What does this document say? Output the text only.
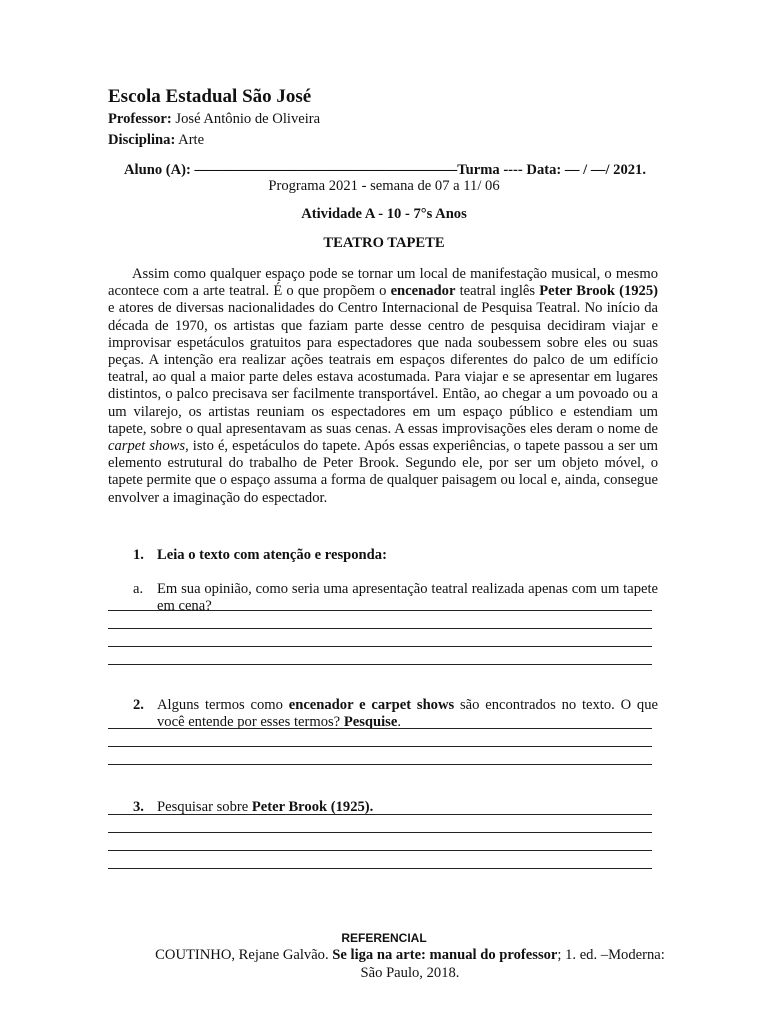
Escola Estadual São José
Professor: José Antônio de Oliveira
Disciplina: Arte
Aluno (A): ——————————————————Turma ---- Data: — / —/ 2021.
Programa 2021 - semana de 07 a 11/ 06
Atividade A - 10 - 7°s Anos
TEATRO TAPETE
Assim como qualquer espaço pode se tornar um local de manifestação musical, o mesmo acontece com a arte teatral. É o que propõem o encenador teatral inglês Peter Brook (1925) e atores de diversas nacionalidades do Centro Internacional de Pesquisa Teatral. No início da década de 1970, os artistas que faziam parte desse centro de pesquisa decidiram viajar e improvisar espetáculos gratuitos para espectadores que nada soubessem sobre eles ou suas peças. A intenção era realizar ações teatrais em espaços diferentes do palco de um edifício teatral, ao qual a maior parte deles estava acostumada. Para viajar e se apresentar em lugares distintos, o palco precisava ser facilmente transportável. Então, ao chegar a um povoado ou a um vilarejo, os artistas reuniam os espectadores em um espaço público e estendiam um tapete, sobre o qual apresentavam as suas cenas. A essas improvisações eles deram o nome de carpet shows, isto é, espetáculos do tapete. Após essas experiências, o tapete passou a ser um elemento estrutural do trabalho de Peter Brook. Segundo ele, por ser um objeto móvel, o tapete permite que o espaço assuma a forma de qualquer paisagem ou local e, ainda, consegue envolver a imaginação do espectador.
1. Leia o texto com atenção e responda:
a. Em sua opinião, como seria uma apresentação teatral realizada apenas com um tapete em cena?
2. Alguns termos como encenador e carpet shows são encontrados no texto. O que você entende por esses termos? Pesquise.
3. Pesquisar sobre Peter Brook (1925).
REFERENCIAL
COUTINHO, Rejane Galvão. Se liga na arte: manual do professor; 1. ed. –Moderna: São Paulo, 2018.
